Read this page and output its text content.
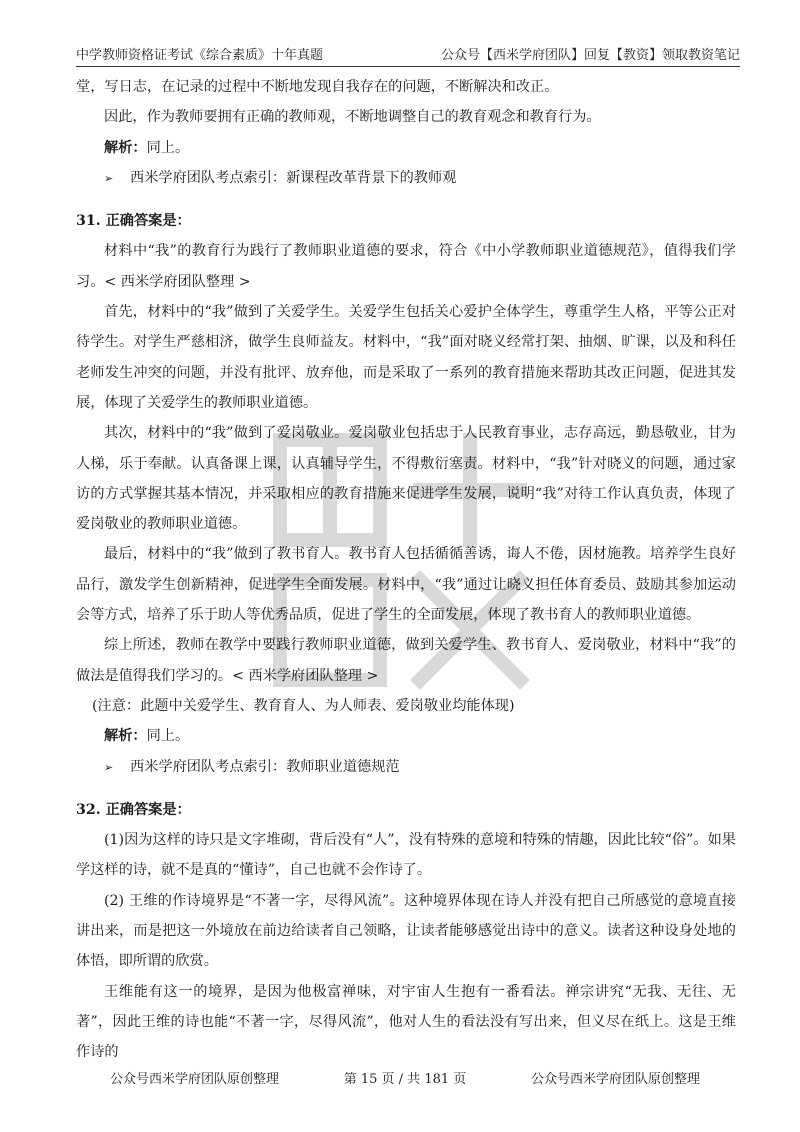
中学教师资格证考试《综合素质》十年真题	公众号【西米学府团队】回复【教资】领取教资笔记

堂，写日志，在记录的过程中不断地发现自我存在的问题，不断解决和改正。

因此，作为教师要拥有正确的教师观，不断地调整自己的教育观念和教育行为。

解析：同上。

➢ 西米学府团队考点索引：新课程改革背景下的教师观

31. 正确答案是：

材料中“我”的教育行为践行了教师职业道德的要求，符合《中小学教师职业道德规范》，值得我们学习。< 西米学府团队整理 >

首先，材料中的“我”做到了关爱学生。关爱学生包括关心爱护全体学生，尊重学生人格，平等公正对待学生。对学生严慈相济，做学生良师益友。材料中，“我”面对晓义经常打架、抽烟、旷课，以及和科任老师发生冲突的问题，并没有批评、放弃他，而是采取了一系列的教育措施来帮助其改正问题，促进其发展，体现了关爱学生的教师职业道德。

其次，材料中的“我”做到了爱岗敬业。爱岗敬业包括忠于人民教育事业，志存高远，勤恳敬业，甘为人梯，乐于奉献。认真备课上课，认真辅导学生，不得敷衍塞责。材料中，“我”针对晓义的问题，通过家访的方式掌握其基本情况，并采取相应的教育措施来促进学生发展，说明“我”对待工作认真负责，体现了爱岗敬业的教师职业道德。

最后，材料中的“我”做到了教书育人。教书育人包括循循善诱，诲人不倦，因材施教。培养学生良好品行，激发学生创新精神，促进学生全面发展。材料中，“我”通过让晓义担任体育委员、鼓励其参加运动会等方式，培养了乐于助人等优秀品质，促进了学生的全面发展，体现了教书育人的教师职业道德。

综上所述，教师在教学中要践行教师职业道德，做到关爱学生、教书育人、爱岗敬业，材料中“我”的做法是值得我们学习的。< 西米学府团队整理 >

(注意：此题中关爱学生、教育育人、为人师表、爱岗敬业均能体现)

解析：同上。

➢ 西米学府团队考点索引：教师职业道德规范

32. 正确答案是：

(1)因为这样的诗只是文字堆砌，背后没有“人”，没有特殊的意境和特殊的情趣，因此比较“俗”。如果学这样的诗，就不是真的“懂诗”，自己也就不会作诗了。

(2) 王维的作诗境界是“不著一字，尽得风流”。这种境界体现在诗人并没有把自己所感觉的意境直接讲出来，而是把这一外境放在前边给读者自己领略，让读者能够感觉出诗中的意义。读者这种设身处地的体悟，即所谓的欣赏。

王维能有这一的境界，是因为他极富禅味，对宇宙人生抱有一番看法。禅宗讲究“无我、无往、无著”，因此王维的诗也能“不著一字，尽得风流”，他对人生的看法没有写出来，但义尽在纸上。这是王维作诗的

公众号西米学府团队原创整理	第 15 页 / 共 181 页	公众号西米学府团队原创整理
